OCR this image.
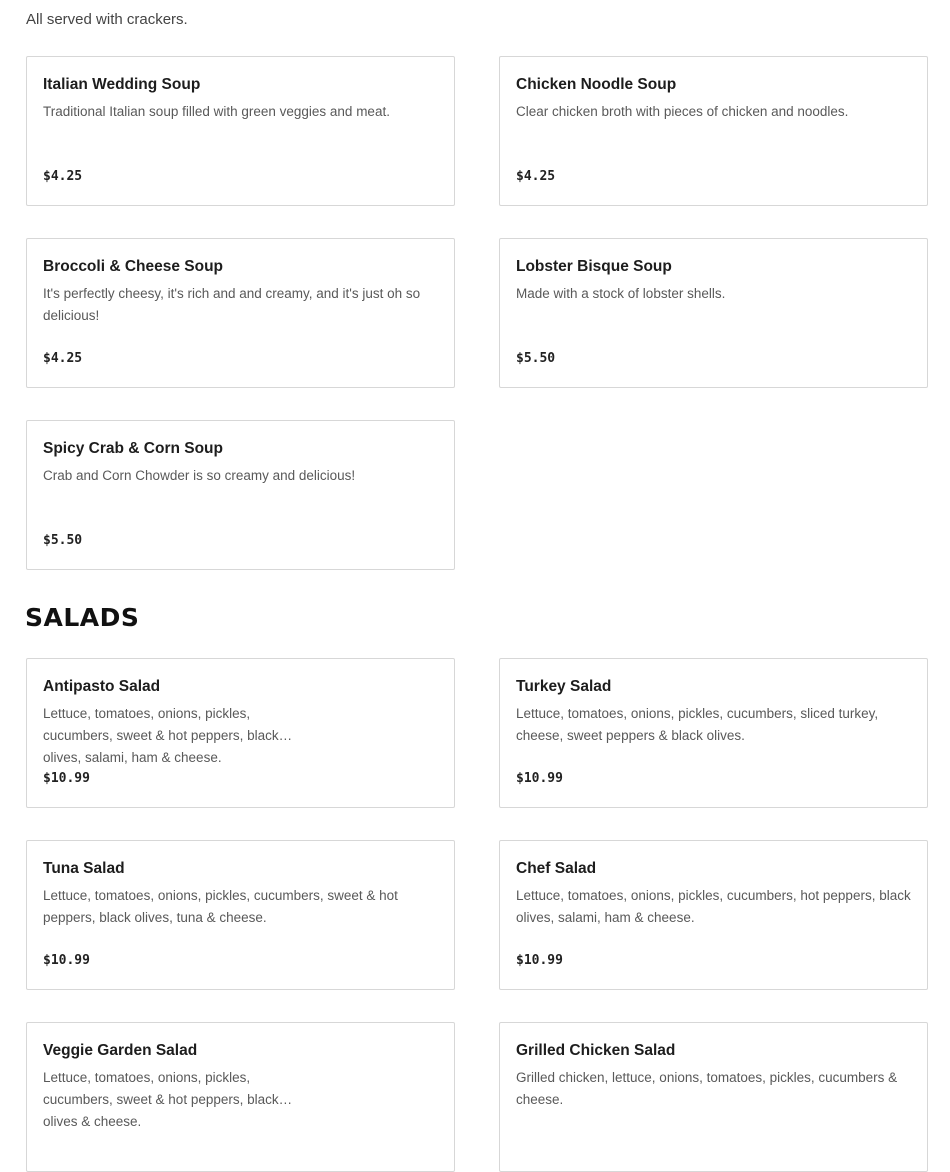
All served with crackers.
Italian Wedding Soup
Traditional Italian soup filled with green veggies and meat.
$4.25
Chicken Noodle Soup
Clear chicken broth with pieces of chicken and noodles.
$4.25
Broccoli & Cheese Soup
It's perfectly cheesy, it's rich and and creamy, and it's just oh so delicious!
$4.25
Lobster Bisque Soup
Made with a stock of lobster shells.
$5.50
Spicy Crab & Corn Soup
Crab and Corn Chowder is so creamy and delicious!
$5.50
SALADS
Antipasto Salad
Lettuce, tomatoes, onions, pickles, cucumbers, sweet & hot peppers, black olives, salami, ham & cheese.
$10.99
Turkey Salad
Lettuce, tomatoes, onions, pickles, cucumbers, sliced turkey, cheese, sweet peppers & black olives.
$10.99
Tuna Salad
Lettuce, tomatoes, onions, pickles, cucumbers, sweet & hot peppers, black olives, tuna & cheese.
$10.99
Chef Salad
Lettuce, tomatoes, onions, pickles, cucumbers, hot peppers, black olives, salami, ham & cheese.
$10.99
Veggie Garden Salad
Lettuce, tomatoes, onions, pickles, cucumbers, sweet & hot peppers, black olives & cheese.
Grilled Chicken Salad
Grilled chicken, lettuce, onions, tomatoes, pickles, cucumbers & cheese.
